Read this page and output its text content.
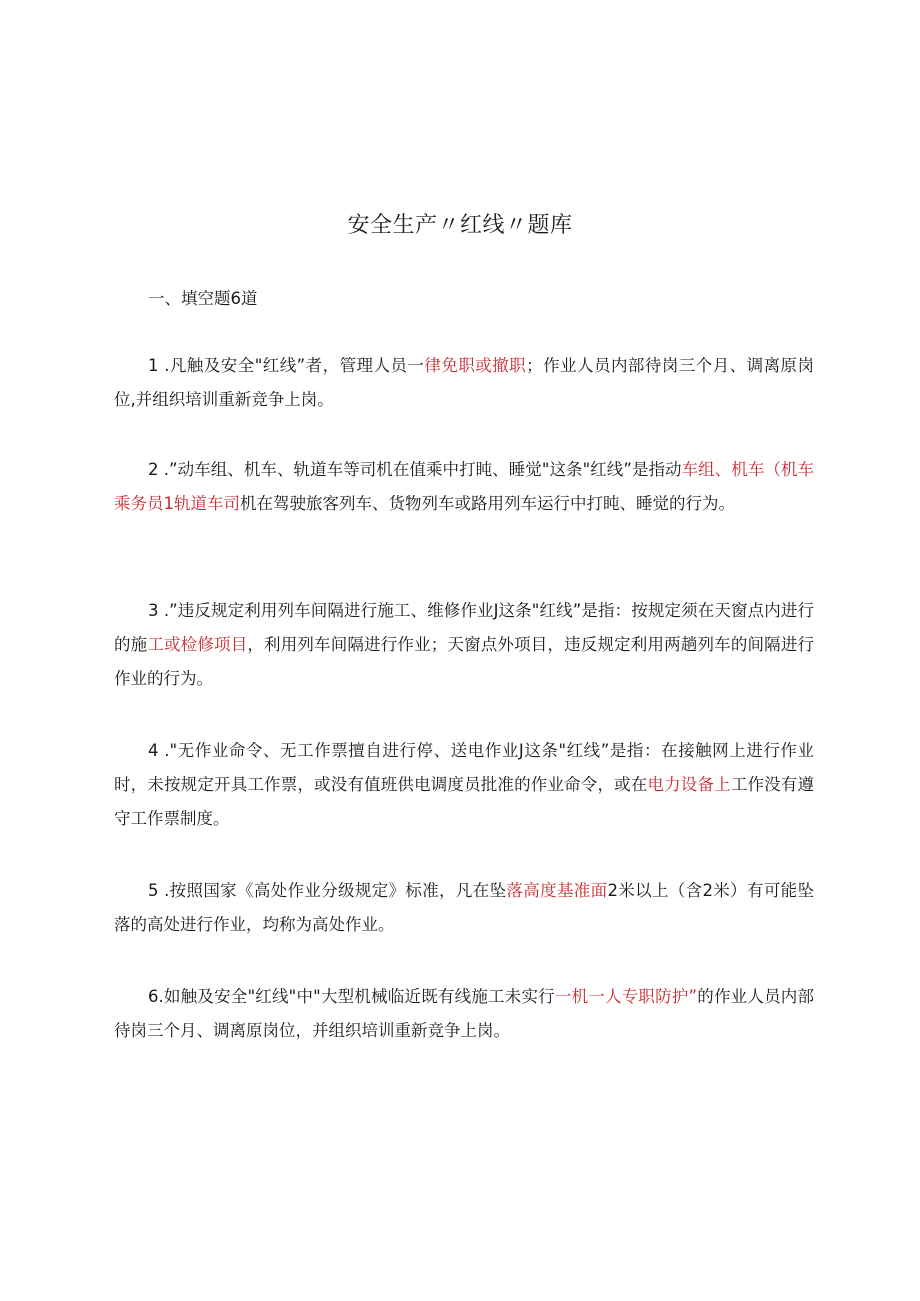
安全生产〃红线〃题库
一、填空题6道
1 .凡触及安全"红线”者，管理人员一律免职或撤职；作业人员内部待岗三个月、调离原岗位,并组织培训重新竞争上岗。
2 .”动车组、机车、轨道车等司机在值乘中打盹、睡觉"这条"红线”是指动车组、机车（机车乘务员1轨道车司机在驾驶旅客列车、货物列车或路用列车运行中打盹、睡觉的行为。
3 .”违反规定利用列车间隔进行施工、维修作业J这条"红线”是指：按规定须在天窗点内进行的施工或检修项目，利用列车间隔进行作业；天窗点外项目，违反规定利用两趟列车的间隔进行作业的行为。
4 ."无作业命令、无工作票擅自进行停、送电作业J这条"红线”是指：在接触网上进行作业时，未按规定开具工作票，或没有值班供电调度员批准的作业命令，或在电力设备上工作没有遵守工作票制度。
5 .按照国家《高处作业分级规定》标准，凡在坠落高度基准面2米以上（含2米）有可能坠落的高处进行作业，均称为高处作业。
6.如触及安全"红线"中"大型机械临近既有线施工未实行一机一人专职防护”的作业人员内部待岗三个月、调离原岗位，并组织培训重新竞争上岗。
